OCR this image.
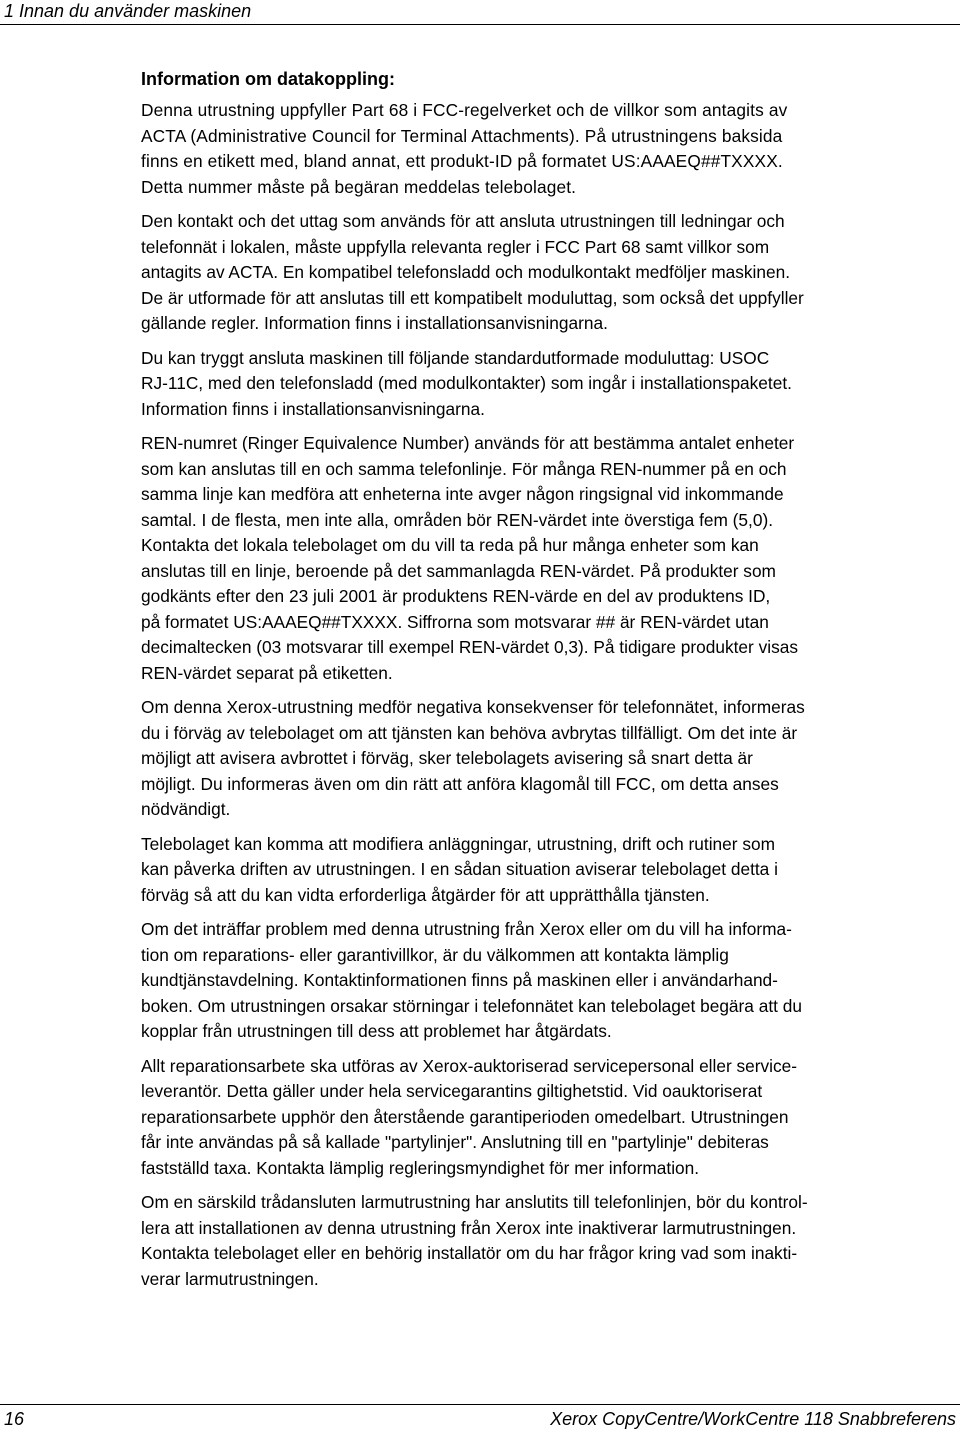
1 Innan du använder maskinen
Information om datakoppling:

Denna utrustning uppfyller Part 68 i FCC-regelverket och de villkor som antagits av
ACTA (Administrative Council for Terminal Attachments). På utrustningens baksida
finns en etikett med, bland annat, ett produkt-ID på formatet US:AAAEQ##TXXXX.
Detta nummer måste på begäran meddelas telebolaget.

Den kontakt och det uttag som används för att ansluta utrustningen till ledningar och
telefonnät i lokalen, måste uppfylla relevanta regler i FCC Part 68 samt villkor som
antagits av ACTA. En kompatibel telefonsladd och modulkontakt medföljer maskinen.
De är utformade för att anslutas till ett kompatibelt moduluttag, som också det uppfyller
gällande regler. Information finns i installationsanvisningarna.

Du kan tryggt ansluta maskinen till följande standardutformade moduluttag: USOC
RJ-11C, med den telefonsladd (med modulkontakter) som ingår i installationspaketet.
Information finns i installationsanvisningarna.

REN-numret (Ringer Equivalence Number) används för att bestämma antalet enheter
som kan anslutas till en och samma telefonlinje. För många REN-nummer på en och
samma linje kan medföra att enheterna inte avger någon ringsignal vid inkommande
samtal. I de flesta, men inte alla, områden bör REN-värdet inte överstiga fem (5,0).
Kontakta det lokala telebolaget om du vill ta reda på hur många enheter som kan
anslutas till en linje, beroende på det sammanlagda REN-värdet. På produkter som
godkänts efter den 23 juli 2001 är produktens REN-värde en del av produktens ID,
på formatet US:AAAEQ##TXXXX. Siffrorna som motsvarar ## är REN-värdet utan
decimaltecken (03 motsvarar till exempel REN-värdet 0,3). På tidigare produkter visas
REN-värdet separat på etiketten.

Om denna Xerox-utrustning medför negativa konsekvenser för telefonnätet, informeras
du i förväg av telebolaget om att tjänsten kan behöva avbrytas tillfälligt. Om det inte är
möjligt att avisera avbrottet i förväg, sker telebolagets avisering så snart detta är
möjligt. Du informeras även om din rätt att anföra klagomål till FCC, om detta anses
nödvändigt.

Telebolaget kan komma att modifiera anläggningar, utrustning, drift och rutiner som
kan påverka driften av utrustningen. I en sådan situation aviserar telebolaget detta i
förväg så att du kan vidta erforderliga åtgärder för att upprätthålla tjänsten.

Om det inträffar problem med denna utrustning från Xerox eller om du vill ha informa-
tion om reparations- eller garantivillkor, är du välkommen att kontakta lämplig
kundtjänstavdelning. Kontaktinformationen finns på maskinen eller i användarhand-
boken. Om utrustningen orsakar störningar i telefonnätet kan telebolaget begära att du
kopplar från utrustningen till dess att problemet har åtgärdats.

Allt reparationsarbete ska utföras av Xerox-auktoriserad servicepersonal eller service-
leverantör. Detta gäller under hela servicegarantins giltighetstid. Vid oauktoriserat
reparationsarbete upphör den återstående garantiperioden omedelbart. Utrustningen
får inte användas på så kallade "partylinjer". Anslutning till en "partylinje" debiteras
fastställd taxa. Kontakta lämplig regleringsmyndighet för mer information.

Om en särskild trådansluten larmutrustning har anslutits till telefonlinjen, bör du kontrol-
lera att installationen av denna utrustning från Xerox inte inaktiverar larmutrustningen.
Kontakta telebolaget eller en behörig installatör om du har frågor kring vad som inakti-
verar larmutrustningen.

16	Xerox CopyCentre/WorkCentre 118 Snabbreferens
